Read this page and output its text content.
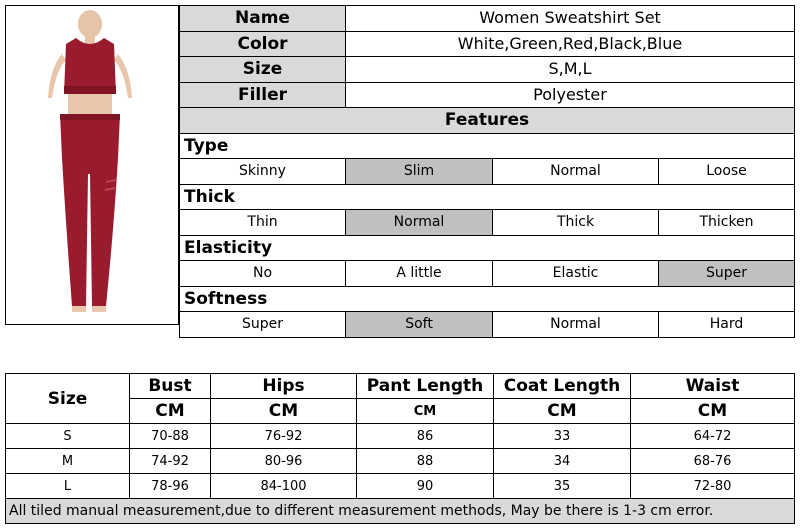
Name	Women Sweatshirt Set		
Color	White,Green,Red,Black,Blue		
Size	S,M,L		
Filler	Polyester		
Features			
Type			
Skinny	Slim	Normal	Loose
Thick			
Thin	Normal	Thick	Thicken
Elasticity			
No	A little	Elastic	Super
Softness			
Super	Soft	Normal	Hard
Size	Bust	Hips	Pant Length	Coat Length	Waist
	CM	CM	CM	CM	CM
S	70-88	76-92	86	33	64-72
M	74-92	80-96	88	34	68-76
L	78-96	84-100	90	35	72-80
All tiled manual measurement,due to different measurement methods, May be there is 1-3 cm error.					
